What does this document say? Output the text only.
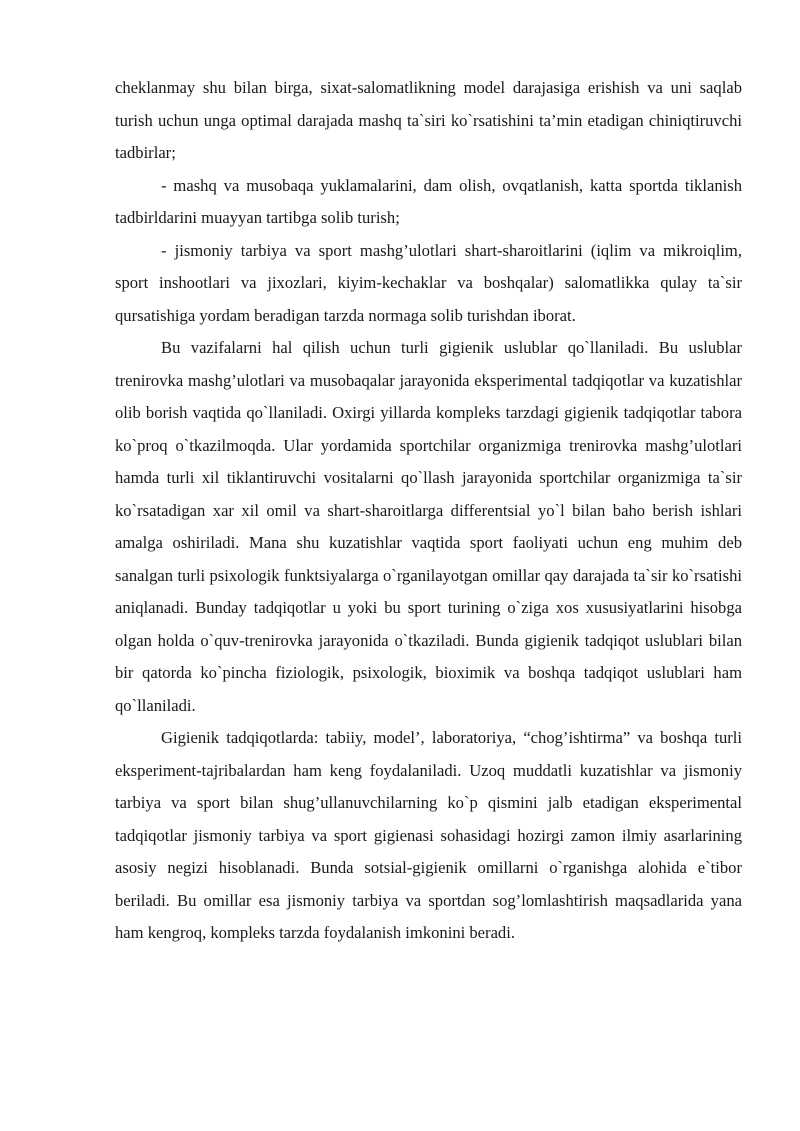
cheklanmay shu bilan birga, sixat-salomatlikning model darajasiga erishish va uni saqlab turish uchun unga optimal darajada mashq ta`siri ko`rsatishini ta’min etadigan chiniqtiruvchi tadbirlar;

- mashq va musobaqa yuklamalarini, dam olish, ovqatlanish, katta sportda tiklanish tadbirldarini muayyan tartibga solib turish;

- jismoniy tarbiya va sport mashg’ulotlari shart-sharoitlarini (iqlim va mikroiqlim, sport inshootlari va jixozlari, kiyim-kechaklar va boshqalar) salomatlikka qulay ta`sir qursatishiga yordam beradigan tarzda normaga solib turishdan iborat.

Bu vazifalarni hal qilish uchun turli gigienik uslublar qo`llaniladi. Bu uslublar trenirovka mashg’ulotlari va musobaqalar jarayonida eksperimental tadqiqotlar va kuzatishlar olib borish vaqtida qo`llaniladi. Oxirgi yillarda kompleks tarzdagi gigienik tadqiqotlar tabora ko`proq o`tkazilmoqda. Ular yordamida sportchilar organizmiga trenirovka mashg’ulotlari hamda turli xil tiklantiruvchi vositalarni qo`llash jarayonida sportchilar organizmiga ta`sir ko`rsatadigan xar xil omil va shart-sharoitlarga differentsial yo`l bilan baho berish ishlari amalga oshiriladi. Mana shu kuzatishlar vaqtida sport faoliyati uchun eng muhim deb sanalgan turli psixologik funktsiyalarga o`rganilayotgan omillar qay darajada ta`sir ko`rsatishi aniqlanadi. Bunday tadqiqotlar u yoki bu sport turining o`ziga xos xususiyatlarini hisobga olgan holda o`quv-trenirovka jarayonida o`tkaziladi. Bunda gigienik tadqiqot uslublari bilan bir qatorda ko`pincha fiziologik, psixologik, bioximik va boshqa tadqiqot uslublari ham qo`llaniladi.

Gigienik tadqiqotlarda: tabiiy, model’, laboratoriya, “chog’ishtirma” va boshqa turli eksperiment-tajribalardan ham keng foydalaniladi. Uzoq muddatli kuzatishlar va jismoniy tarbiya va sport bilan shug’ullanuvchilarning ko`p qismini jalb etadigan eksperimental tadqiqotlar jismoniy tarbiya va sport gigienasi sohasidagi hozirgi zamon ilmiy asarlarining asosiy negizi hisoblanadi. Bunda sotsial-gigienik omillarni o`rganishga alohida e`tibor beriladi. Bu omillar esa jismoniy tarbiya va sportdan sog’lomlashtirish maqsadlarida yana ham kengroq, kompleks tarzda foydalanish imkonini beradi.
